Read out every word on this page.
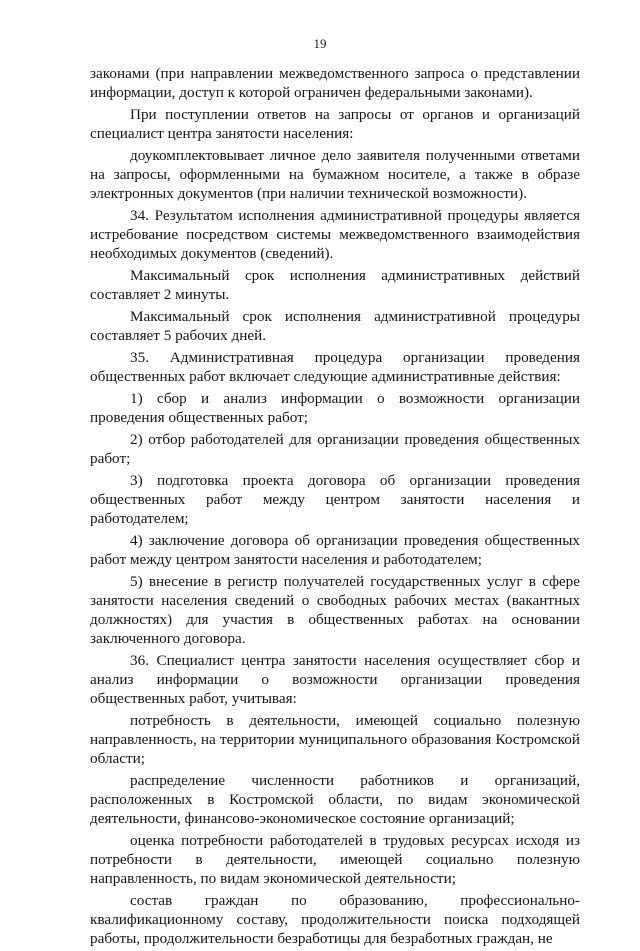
19

законами (при направлении межведомственного запроса о представлении информации, доступ к которой ограничен федеральными законами).

При поступлении ответов на запросы от органов и организаций специалист центра занятости населения:

доукомплектовывает личное дело заявителя полученными ответами на запросы, оформленными на бумажном носителе, а также в образе электронных документов (при наличии технической возможности).

34. Результатом исполнения административной процедуры является истребование посредством системы межведомственного взаимодействия необходимых документов (сведений).

Максимальный срок исполнения административных действий составляет 2 минуты.

Максимальный срок исполнения административной процедуры составляет 5 рабочих дней.

35. Административная процедура организации проведения общественных работ включает следующие административные действия:

1) сбор и анализ информации о возможности организации проведения общественных работ;

2) отбор работодателей для организации проведения общественных работ;

3) подготовка проекта договора об организации проведения общественных работ между центром занятости населения и работодателем;

4) заключение договора об организации проведения общественных работ между центром занятости населения и работодателем;

5) внесение в регистр получателей государственных услуг в сфере занятости населения сведений о свободных рабочих местах (вакантных должностях) для участия в общественных работах на основании заключенного договора.

36. Специалист центра занятости населения осуществляет сбор и анализ информации о возможности организации проведения общественных работ, учитывая:

потребность в деятельности, имеющей социально полезную направленность, на территории муниципального образования Костромской области;

распределение численности работников и организаций, расположенных в Костромской области, по видам экономической деятельности, финансово-экономическое состояние организаций;

оценка потребности работодателей в трудовых ресурсах исходя из потребности в деятельности, имеющей социально полезную направленность, по видам экономической деятельности;

состав граждан по образованию, профессионально-квалификационному составу, продолжительности поиска подходящей работы, продолжительности безработицы для безработных граждан, не
